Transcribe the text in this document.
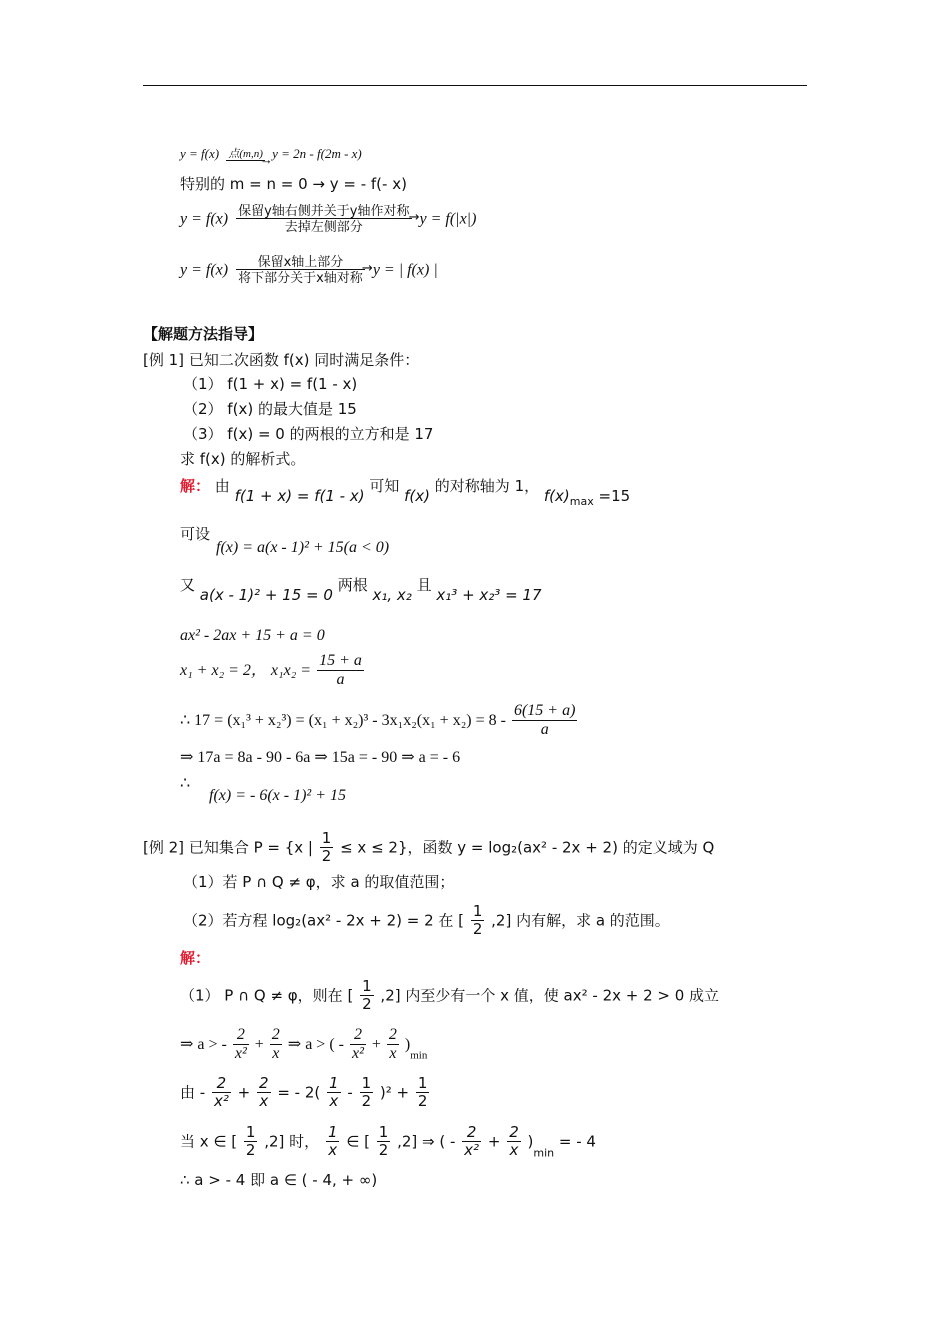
y = f(x) 点(m,n)
→ y = 2n - f(2m - x)
特别的 m = n = 0 → y = - f(- x)
y = f(x) 保留y轴右侧并关于y轴作对称 →
去掉左侧部分	y = f(|x|)
y = f(x)	保留x轴上部分	→
将下部分关于x轴对称 y = | f(x) |
【解题方法指导】
[例 1] 已知二次函数 f(x) 同时满足条件：
（1） f(1 + x) = f(1 - x)
（2） f(x) 的最大值是 15
（3） f(x) = 0 的两根的立方和是 17
求 f(x) 的解析式。
解： 由 f(1 + x) = f(1 - x) 可知 f(x) 的对称轴为 1， $f(x)_{max} =15$
可设
f(x) = a(x - 1)² + 15(a < 0)
又 a(x - 1)² + 15 = 0 两根 x₁, x₂ 且 x₁³ + x₂³ = 17
ax² - 2ax + 15 + a = 0
x₁ + x₂ = 2， $x_1x_2 = \frac{15 + a}{a}$
∴ $17 = (x_1^3 + x_2^3) = (x_1 + x_2)^3 - 3x_1x_2(x_1 + x_2) = 8 - \frac{6(15 + a)}{a}$
⇒ 17a = 8a - 90 - 6a ⇒ 15a = - 90 ⇒ a = - 6
∴
f(x) = - 6(x - 1)² + 15
[例 2] 已知集合 P = {x | $\frac{1}{2} \le x \le 2$}，函数 y = log₂(ax² - 2x + 2) 的定义域为 Q
（1）若 P ∩ Q ≠ φ，求 a 的取值范围；
（2）若方程 log₂(ax² - 2x + 2) = 2 在 [ $\frac{1}{2} ,2$] 内有解，求 a 的范围。
解：
（1） P ∩ Q ≠ φ，则在 [ $\frac{1}{2} ,2$] 内至少有一个 x 值，使 ax² - 2x + 2 > 0 成立
⇒ a > - $\frac{2}{\text{x²}} + \frac{2}{x}$ ⇒ a > ( - $\frac{2}{\text{x²}} + \frac{2}{x} )_{min}$
由 - $\frac{2}{\text{x²}} + \frac{2}{x}$ = - $2( \frac{1}{x} - \frac{1}{2} )^2 + \frac{1}{2}$
当 x ∈ [ $\frac{1}{2} ,2$] 时， $\frac{1}{x}$ ∈ [ $\frac{1}{2} ,2$] ⇒ ( - $\frac{2}{\text{x²}} + \frac{2}{x} )_{min}$ = - 4
∴ a > - 4 即 a ∈ ( - 4, + ∞)
